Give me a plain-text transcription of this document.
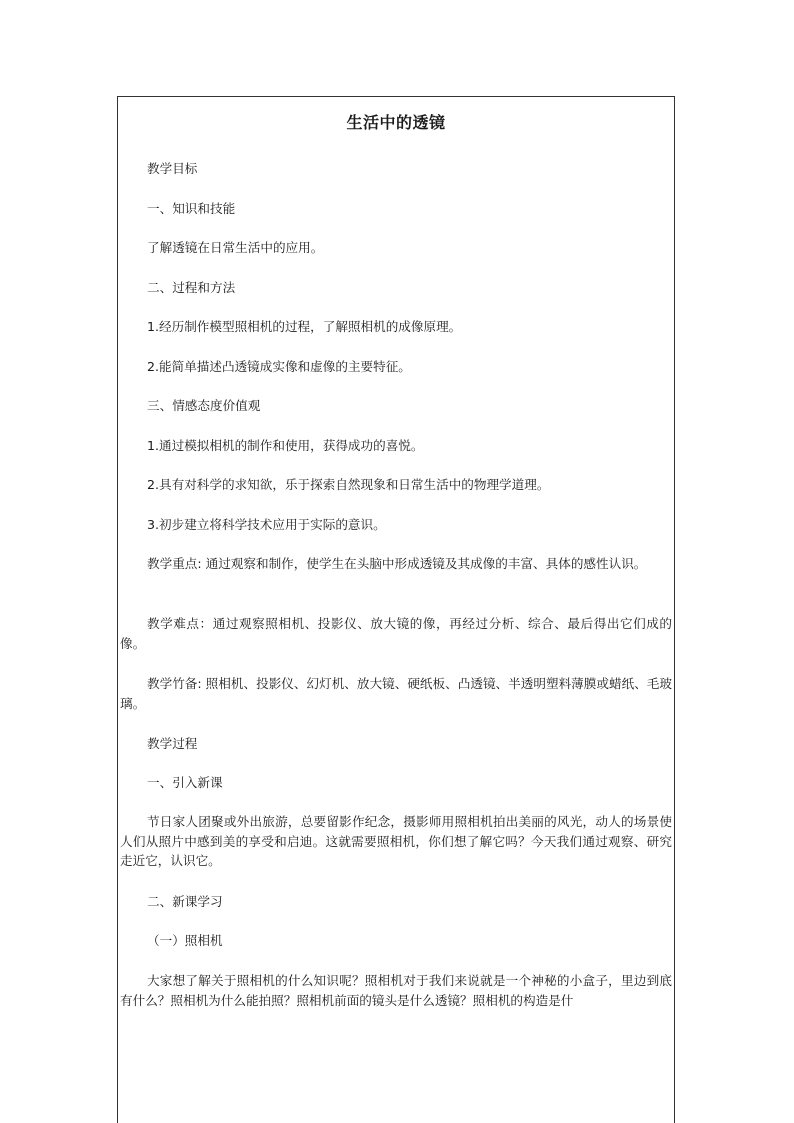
生活中的透镜
教学目标
一、知识和技能
了解透镜在日常生活中的应用。
二、过程和方法
1.经历制作模型照相机的过程，了解照相机的成像原理。
2.能简单描述凸透镜成实像和虚像的主要特征。
三、情感态度价值观
1.通过模拟相机的制作和使用，获得成功的喜悦。
2.具有对科学的求知欲，乐于探索自然现象和日常生活中的物理学道理。
3.初步建立将科学技术应用于实际的意识。
教学重点: 通过观察和制作，使学生在头脑中形成透镜及其成像的丰富、具体的感性认识。
教学难点：通过观察照相机、投影仪、放大镜的像，再经过分析、综合、最后得出它们成的像。
教学竹备: 照相机、投影仪、幻灯机、放大镜、硬纸板、凸透镜、半透明塑料薄膜或蜡纸、毛玻璃。
教学过程
一、引入新课
节日家人团聚或外出旅游，总要留影作纪念，摄影师用照相机拍出美丽的风光，动人的场景使人们从照片中感到美的享受和启迪。这就需要照相机，你们想了解它吗？今天我们通过观察、研究走近它，认识它。
二、新课学习
（一）照相机
大家想了解关于照相机的什么知识呢？照相机对于我们来说就是一个神秘的小盒子，里边到底有什么？照相机为什么能拍照？照相机前面的镜头是什么透镜？照相机的构造是什
